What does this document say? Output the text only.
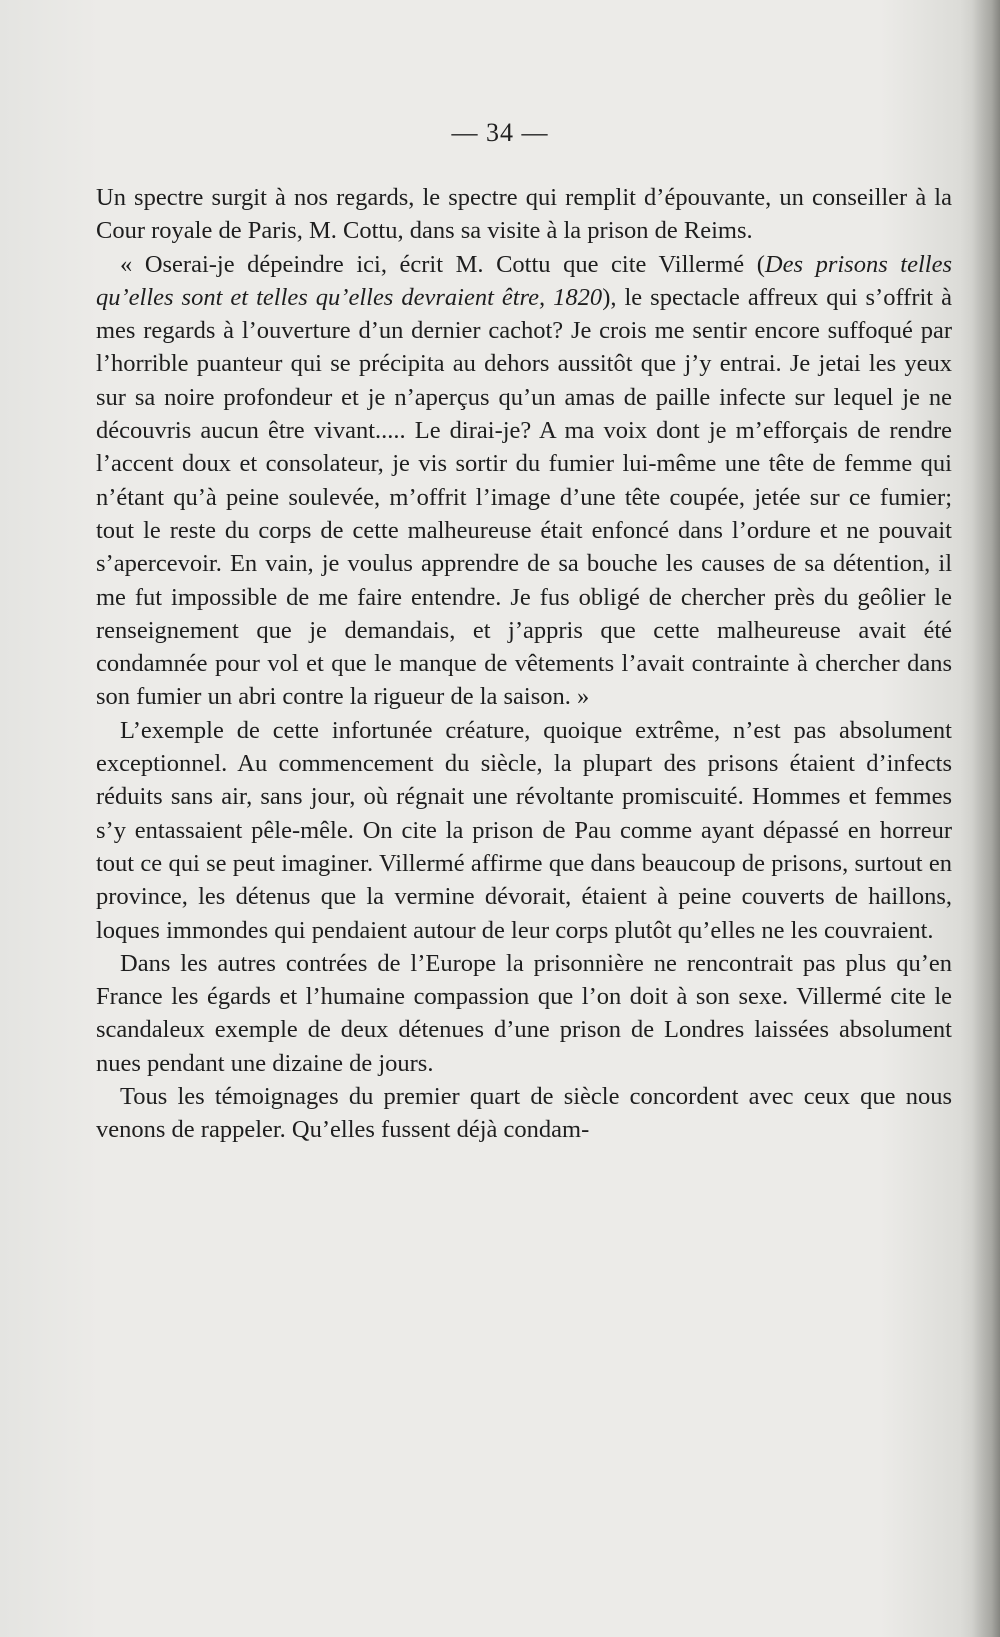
— 34 —

Un spectre surgit à nos regards, le spectre qui remplit d’épouvante, un conseiller à la Cour royale de Paris, M. Cottu, dans sa visite à la prison de Reims.

« Oserai-je dépeindre ici, écrit M. Cottu que cite Villermé (Des prisons telles qu’elles sont et telles qu’elles devraient être, 1820), le spectacle affreux qui s’offrit à mes regards à l’ouverture d’un dernier cachot? Je crois me sentir encore suffoqué par l’horrible puanteur qui se précipita au dehors aussitôt que j’y entrai. Je jetai les yeux sur sa noire profondeur et je n’aperçus qu’un amas de paille infecte sur lequel je ne découvris aucun être vivant..... Le dirai-je? A ma voix dont je m’efforçais de rendre l’accent doux et consolateur, je vis sortir du fumier lui-même une tête de femme qui n’étant qu’à peine soulevée, m’offrit l’image d’une tête coupée, jetée sur ce fumier; tout le reste du corps de cette malheureuse était enfoncé dans l’ordure et ne pouvait s’apercevoir. En vain, je voulus apprendre de sa bouche les causes de sa détention, il me fut impossible de me faire entendre. Je fus obligé de chercher près du geôlier le renseignement que je demandais, et j’appris que cette malheureuse avait été condamnée pour vol et que le manque de vêtements l’avait contrainte à chercher dans son fumier un abri contre la rigueur de la saison. »

L’exemple de cette infortunée créature, quoique extrême, n’est pas absolument exceptionnel. Au commencement du siècle, la plupart des prisons étaient d’infects réduits sans air, sans jour, où régnait une révoltante promiscuité. Hommes et femmes s’y entassaient pêle-mêle. On cite la prison de Pau comme ayant dépassé en horreur tout ce qui se peut imaginer. Villermé affirme que dans beaucoup de prisons, surtout en province, les détenus que la vermine dévorait, étaient à peine couverts de haillons, loques immondes qui pendaient autour de leur corps plutôt qu’elles ne les couvraient.

Dans les autres contrées de l’Europe la prisonnière ne rencontrait pas plus qu’en France les égards et l’humaine compassion que l’on doit à son sexe. Villermé cite le scandaleux exemple de deux détenues d’une prison de Londres laissées absolument nues pendant une dizaine de jours.

Tous les témoignages du premier quart de siècle concordent avec ceux que nous venons de rappeler. Qu’elles fussent déjà condam-
